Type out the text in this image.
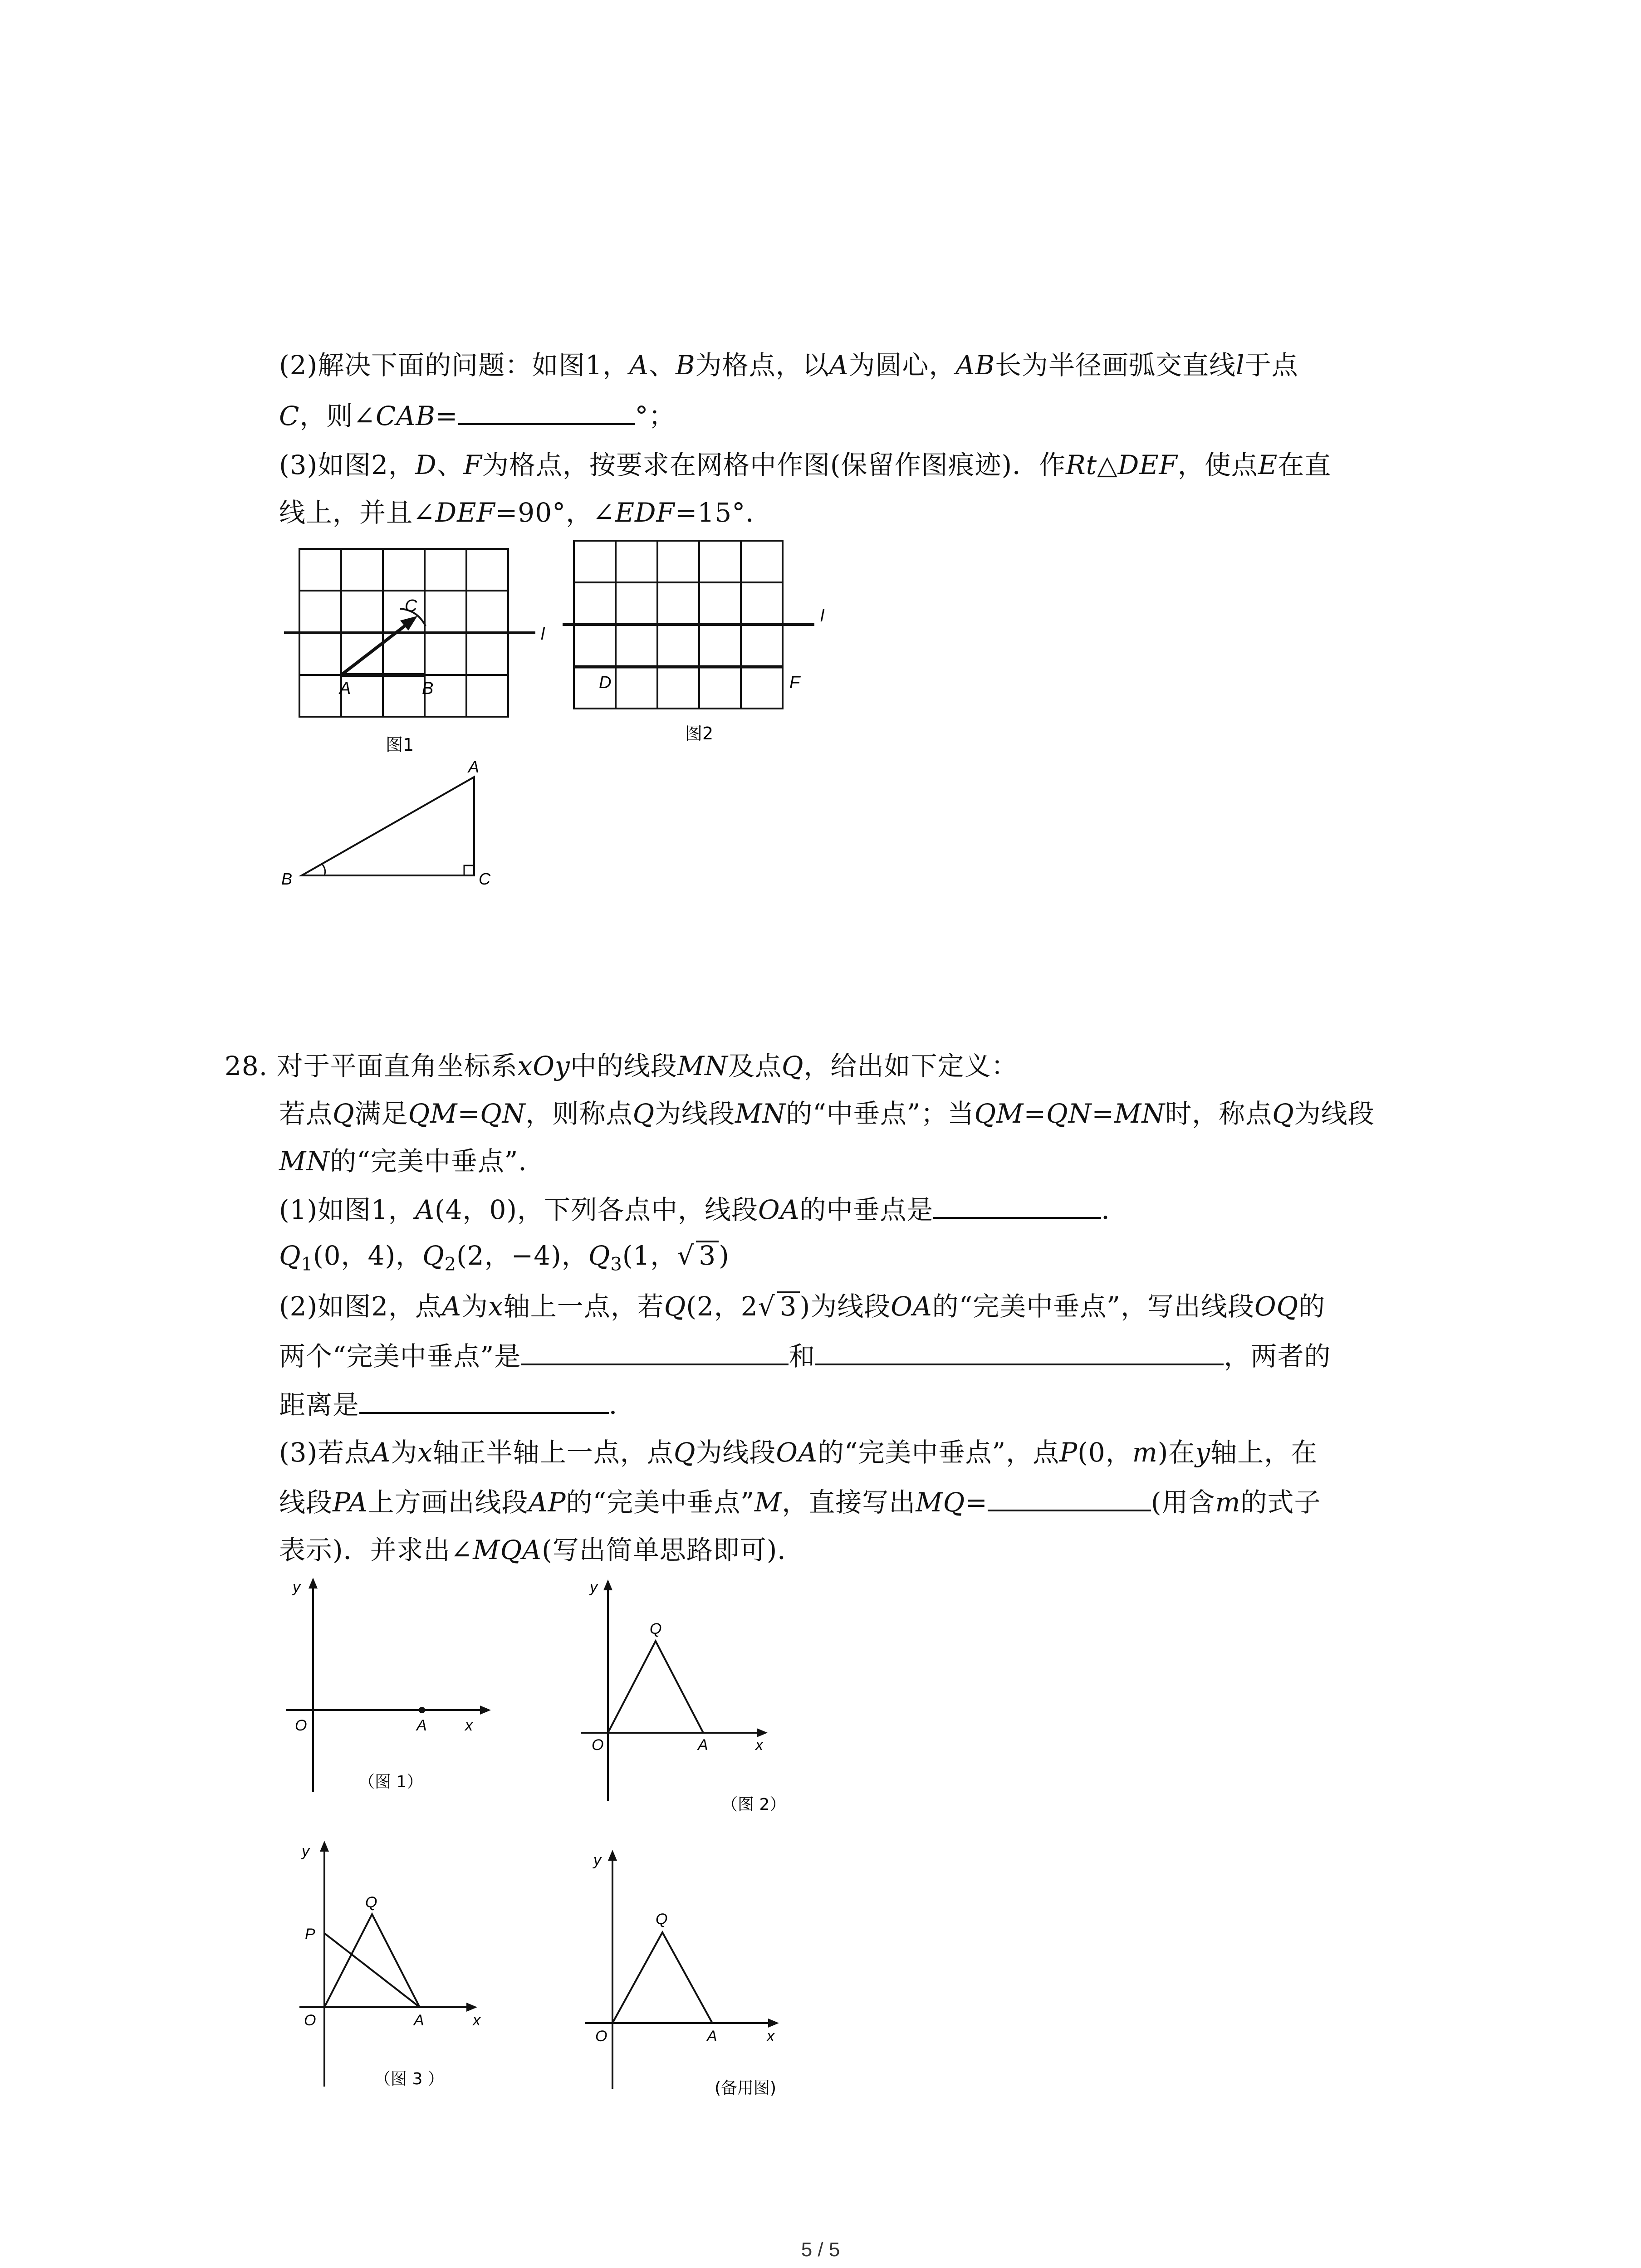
(2)解决下面的问题：如图1，A、B为格点，以A为圆心，AB长为半径画弧交直线l于点
C，则∠CAB=	°；
(3)如图2，D、F为格点，按要求在网格中作图(保留作图痕迹)．作Rt△DEF，使点E在直
线上，并且∠DEF=90°，∠EDF=15°．
C
l
A	B
图1
l
D	F
图2
A
B	C
28. 对于平面直角坐标系xOy中的线段MN及点Q，给出如下定义：
若点Q满足QM=QN，则称点Q为线段MN的“中垂点”；当QM=QN=MN时，称点Q为线段
MN的“完美中垂点”．
(1)如图1，A(4，0)，下列各点中，线段OA的中垂点是	．
$Q_1(0$，4)，$Q_2(2$，−4)，$Q_3(1$，√ 3 )
(2)如图2，点A为x轴上一点，若Q(2，2√ 3 )为线段OA的“完美中垂点”，写出线段OQ的
两个“完美中垂点”是	和	，两者的
距离是	．
(3)若点A为x轴正半轴上一点，点Q为线段OA的“完美中垂点”，点P(0，m)在y轴上，在
线段PA上方画出线段AP的“完美中垂点”M，直接写出MQ=	(用含m的式子
表示)．并求出∠MQA(写出简单思路即可)．
y
O	A x
（图 1）
y
Q
O	A	x
（图 2）
y
P
Q
O	A	x
（图 3 ）
y
Q
O	A	x
(备用图)
5 / 5
